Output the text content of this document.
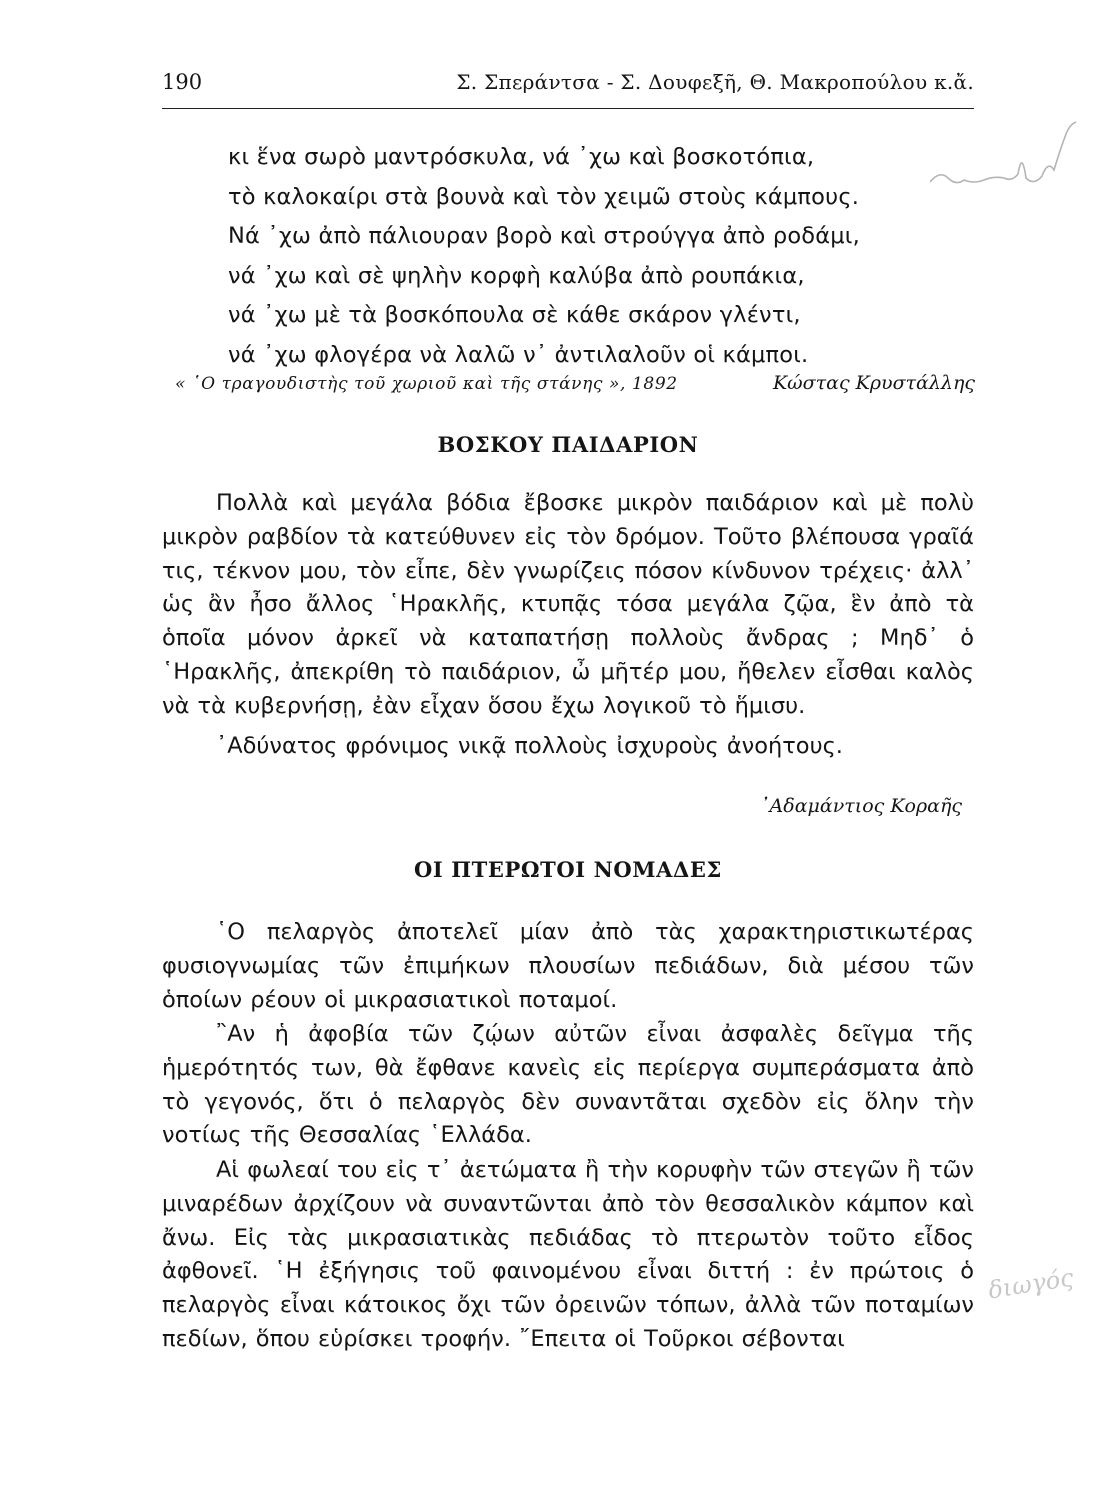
190	Σ. Σπεράντσα - Σ. Δουφεξῆ, Θ. Μακροπούλου κ.ἄ.
κι ἕνα σωρὸ μαντρόσκυλα, νά ᾿χω καὶ βοσκοτόπια,
τὸ καλοκαίρι στὰ βουνὰ καὶ τὸν χειμῶ στοὺς κάμπους.
Νά ᾿χω ἀπὸ πάλιουραν βορὸ καὶ στρούγγα ἀπὸ ροδάμι,
νά ᾿χω καὶ σὲ ψηλὴν κορφὴ καλύβα ἀπὸ ρουπάκια,
νά ᾿χω μὲ τὰ βοσκόπουλα σὲ κάθε σκάρον γλέντι,
νά ᾿χω φλογέρα νὰ λαλῶ ν᾿ ἀντιλαλοῦν οἱ κάμποι.
« ῾Ο τραγουδιστὴς τοῦ χωριοῦ καὶ τῆς στάνης », 1892	Κώστας Κρυστάλλης
ΒΟΣΚΟΥ ΠΑΙΔΑΡΙΟΝ
Πολλὰ καὶ μεγάλα βόδια ἔβοσκε μικρὸν παιδάριον καὶ μὲ πολὺ μικρὸν ραβδίον τὰ κατεύθυνεν εἰς τὸν δρόμον. Τοῦτο βλέπουσα γραῖά τις, τέκνον μου, τὸν εἶπε, δὲν γνωρίζεις πόσον κίνδυνον τρέχεις· ἀλλ᾿ ὡς ἂν ἦσο ἄλλος ῾Ηρακλῆς, κτυπᾷς τόσα μεγάλα ζῷα, ἓν ἀπὸ τὰ ὁποῖα μόνον ἀρκεῖ νὰ καταπατήσῃ πολλοὺς ἄνδρας ; Μηδ᾿ ὁ ῾Ηρακλῆς, ἀπεκρίθη τὸ παιδάριον, ὦ μῆτέρ μου, ἤθελεν εἶσθαι καλὸς νὰ τὰ κυβερνήσῃ, ἐὰν εἶχαν ὅσου ἔχω λογικοῦ τὸ ἥμισυ.
᾿Αδύνατος φρόνιμος νικᾷ πολλοὺς ἰσχυροὺς ἀνοήτους.
᾿Αδαμάντιος Κοραῆς
ΟΙ ΠΤΕΡΩΤΟΙ ΝΟΜΑΔΕΣ
῾Ο πελαργὸς ἀποτελεῖ μίαν ἀπὸ τὰς χαρακτηριστικωτέρας φυσιογνωμίας τῶν ἐπιμήκων πλουσίων πεδιάδων, διὰ μέσου τῶν ὁποίων ρέουν οἱ μικρασιατικοὶ ποταμοί.
῍Αν ἡ ἀφοβία τῶν ζῴων αὐτῶν εἶναι ἀσφαλὲς δεῖγμα τῆς ἡμερότητός των, θὰ ἔφθανε κανεὶς εἰς περίεργα συμπεράσματα ἀπὸ τὸ γεγονός, ὅτι ὁ πελαργὸς δὲν συναντᾶται σχεδὸν εἰς ὅλην τὴν νοτίως τῆς Θεσσαλίας ῾Ελλάδα.
Αἱ φωλεαί του εἰς τ᾿ ἀετώματα ἢ τὴν κορυφὴν τῶν στεγῶν ἢ τῶν μιναρέδων ἀρχίζουν νὰ συναντῶνται ἀπὸ τὸν θεσσαλικὸν κάμπον καὶ ἄνω. Εἰς τὰς μικρασιατικὰς πεδιάδας τὸ πτερωτὸν τοῦτο εἶδος ἀφθονεῖ. ῾Η ἐξήγησις τοῦ φαινομένου εἶναι διττή : ἐν πρώτοις ὁ πελαργὸς εἶναι κάτοικος ὄχι τῶν ὀρεινῶν τόπων, ἀλλὰ τῶν ποταμίων πεδίων, ὅπου εὑρίσκει τροφήν. ῎Επειτα οἱ Τοῦρκοι σέβονται
διωγός
